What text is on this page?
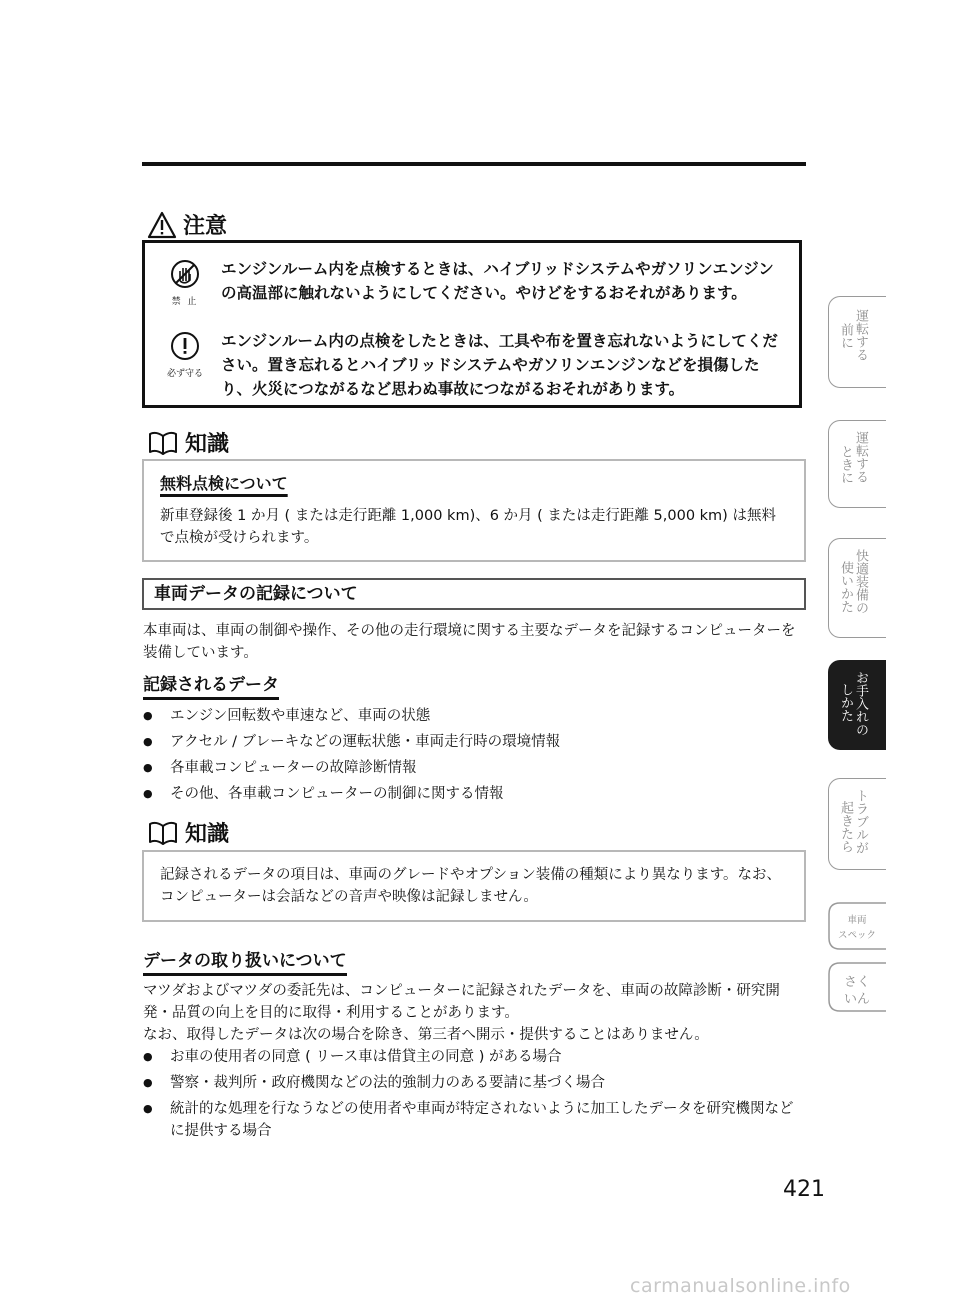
注意
禁 止
エンジンルーム内を点検するときは、ハイブリッドシステムやガソリンエンジンの高温部に触れないようにしてください。やけどをするおそれがあります。
必ず守る
エンジンルーム内の点検をしたときは、工具や布を置き忘れないようにしてください。置き忘れるとハイブリッドシステムやガソリンエンジンなどを損傷したり、火災につながるなど思わぬ事故につながるおそれがあります。
知識
無料点検について
新車登録後 1 か月 ( または走行距離 1,000 km)、6 か月 ( または走行距離 5,000 km) は無料で点検が受けられます。
車両データの記録について
本車両は、車両の制御や操作、その他の走行環境に関する主要なデータを記録するコンピューターを装備しています。
記録されるデータ
● エンジン回転数や車速など、車両の状態
● アクセル / ブレーキなどの運転状態・車両走行時の環境情報
● 各車載コンピューターの故障診断情報
● その他、各車載コンピューターの制御に関する情報
知識
記録されるデータの項目は、車両のグレードやオプション装備の種類により異なります。なお、コンピューターは会話などの音声や映像は記録しません。
データの取り扱いについて
マツダおよびマツダの委託先は、コンピューターに記録されたデータを、車両の故障診断・研究開発・品質の向上を目的に取得・利用することがあります。
なお、取得したデータは次の場合を除き、第三者へ開示・提供することはありません。
● お車の使用者の同意 ( リース車は借貸主の同意 ) がある場合
● 警察・裁判所・政府機関などの法的強制力のある要請に基づく場合
● 統計的な処理を行なうなどの使用者や車両が特定されないように加工したデータを研究機関などに提供する場合
運転する
前に
運転する
ときに
快適装備の
使いかた
お手入れの
しかた
トラブルが
起きたら
車両
スペック
さく
いん
421
carmanualsonline.info
